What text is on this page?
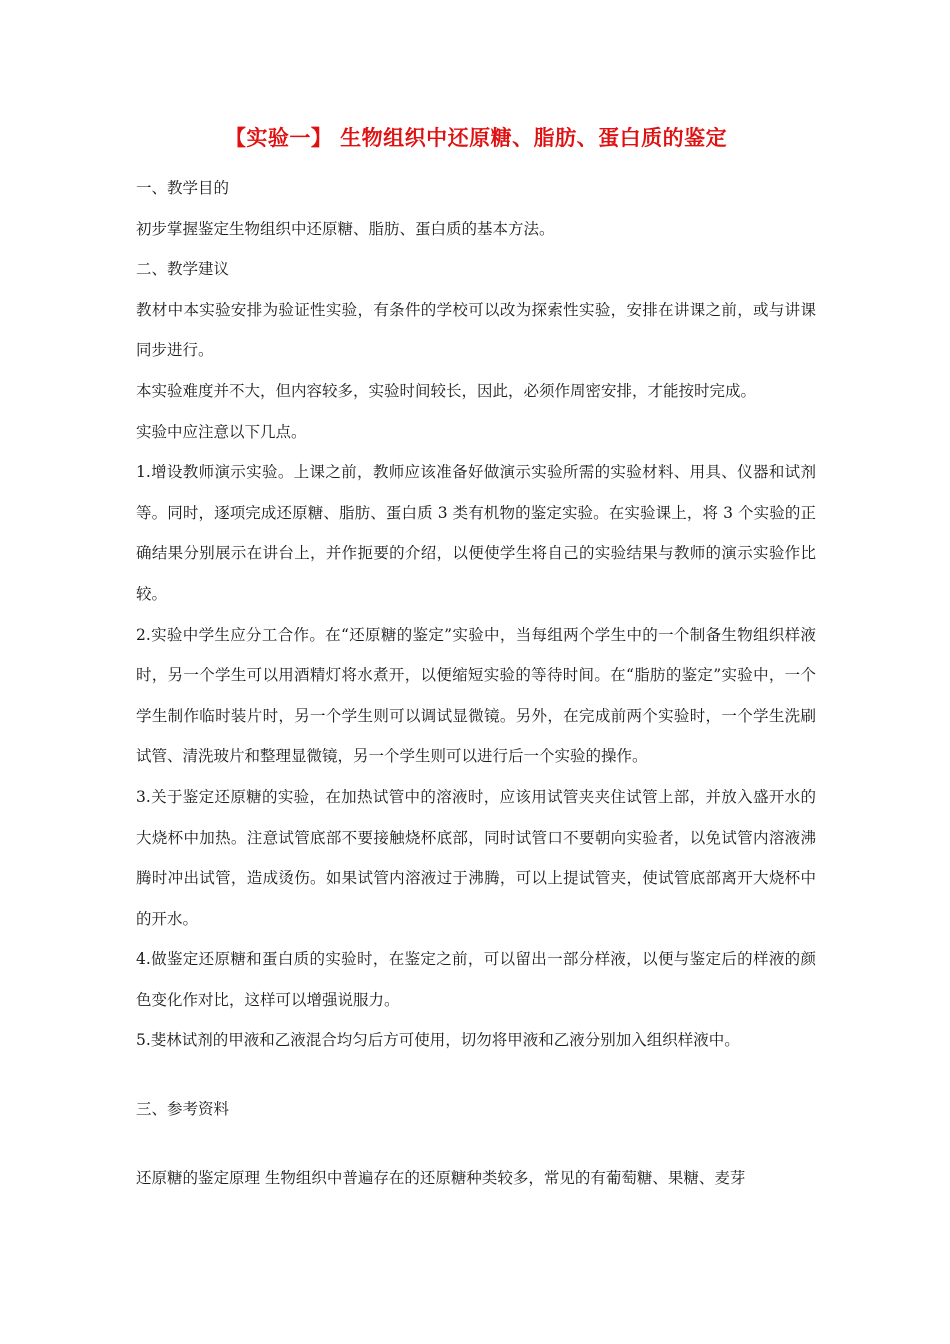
【实验一】 生物组织中还原糖、脂肪、蛋白质的鉴定

一、教学目的

初步掌握鉴定生物组织中还原糖、脂肪、蛋白质的基本方法。

二、教学建议

教材中本实验安排为验证性实验，有条件的学校可以改为探索性实验，安排在讲课之前，或与讲课同步进行。

本实验难度并不大，但内容较多，实验时间较长，因此，必须作周密安排，才能按时完成。

实验中应注意以下几点。

1.增设教师演示实验。上课之前，教师应该准备好做演示实验所需的实验材料、用具、仪器和试剂等。同时，逐项完成还原糖、脂肪、蛋白质 3 类有机物的鉴定实验。在实验课上，将 3 个实验的正确结果分别展示在讲台上，并作扼要的介绍，以便使学生将自己的实验结果与教师的演示实验作比较。

2.实验中学生应分工合作。在“还原糖的鉴定”实验中，当每组两个学生中的一个制备生物组织样液时，另一个学生可以用酒精灯将水煮开，以便缩短实验的等待时间。在“脂肪的鉴定”实验中，一个学生制作临时装片时，另一个学生则可以调试显微镜。另外，在完成前两个实验时，一个学生洗刷试管、清洗玻片和整理显微镜，另一个学生则可以进行后一个实验的操作。

3.关于鉴定还原糖的实验，在加热试管中的溶液时，应该用试管夹夹住试管上部，并放入盛开水的大烧杯中加热。注意试管底部不要接触烧杯底部，同时试管口不要朝向实验者，以免试管内溶液沸腾时冲出试管，造成烫伤。如果试管内溶液过于沸腾，可以上提试管夹，使试管底部离开大烧杯中的开水。

4.做鉴定还原糖和蛋白质的实验时，在鉴定之前，可以留出一部分样液，以便与鉴定后的样液的颜色变化作对比，这样可以增强说服力。

5.斐林试剂的甲液和乙液混合均匀后方可使用，切勿将甲液和乙液分别加入组织样液中。

三、参考资料

还原糖的鉴定原理 生物组织中普遍存在的还原糖种类较多，常见的有葡萄糖、果糖、麦芽
